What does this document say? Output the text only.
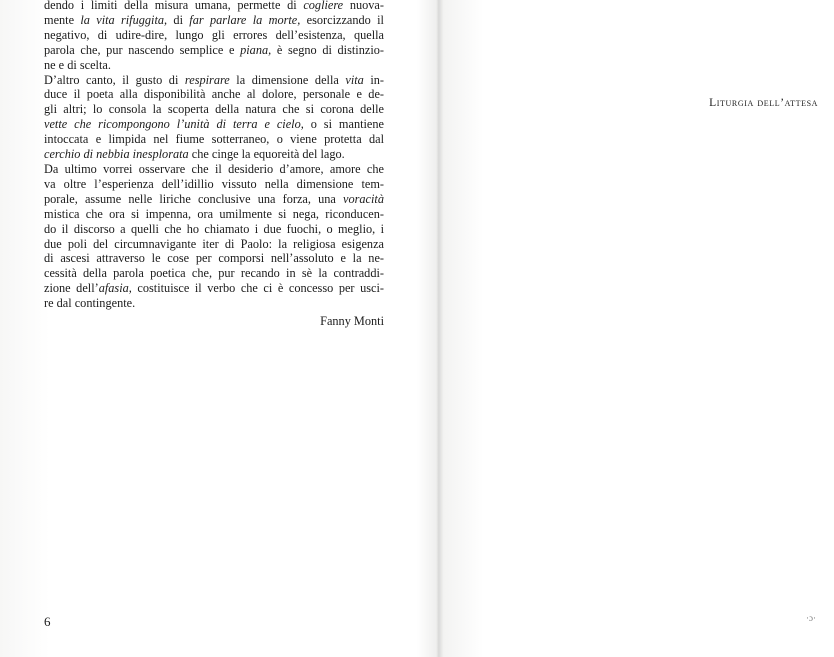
dendo i limiti della misura umana, permette di cogliere nuova-
mente la vita rifuggita, di far parlare la morte, esorcizzando il
negativo, di udire-dire, lungo gli errores dell’esistenza, quella
parola che, pur nascendo semplice e piana, è segno di distinzio-
ne e di scelta.

D’altro canto, il gusto di respirare la dimensione della vita in-
duce il poeta alla disponibilità anche al dolore, personale e de-
gli altri; lo consola la scoperta della natura che si corona delle
vette che ricompongono l’unità di terra e cielo, o si mantiene
intoccata e limpida nel fiume sotterraneo, o viene protetta dal
cerchio di nebbia inesplorata che cinge la equoreità del lago.

Da ultimo vorrei osservare che il desiderio d’amore, amore che
va oltre l’esperienza dell’idillio vissuto nella dimensione tem-
porale, assume nelle liriche conclusive una forza, una voracità
mistica che ora si impenna, ora umilmente si nega, riconducen-
do il discorso a quelli che ho chiamato i due fuochi, o meglio, i
due poli del circumnavigante iter di Paolo: la religiosa esigenza
di ascesi attraverso le cose per comporsi nell’assoluto e la ne-
cessità della parola poetica che, pur recando in sè la contraddi-
zione dell’afasia, costituisce il verbo che ci è concesso per usci-
re dal contingente.

Fanny Monti

6
Liturgia dell’attesa
·ɔ·
